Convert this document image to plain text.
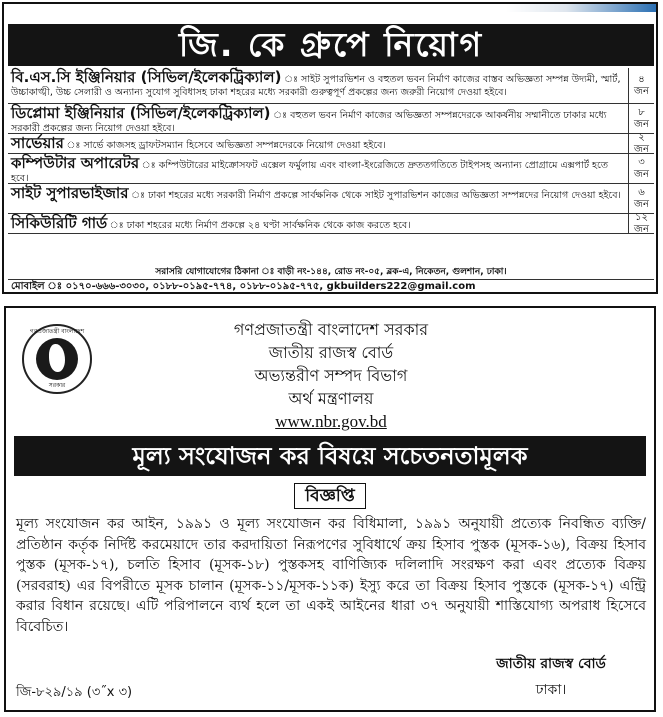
জি. কে গ্রুপে নিয়োগ
বি.এস.সি ইঞ্জিনিয়ার (সিভিল/ইলেকট্রিক্যাল) ঃ সাইট সুপারভিশন ও বহুতল ভবন নির্মাণ কাজের বাস্তব অভিজ্ঞতা সম্পন্ন উদ্যমী, স্মার্ট, উচ্চাকাঙ্খী, উচ্চ সেলারী ও অন্যান্য সুযোগ সুবিধাসহ ঢাকা শহরের মধ্যে সরকারী গুরুত্বপূর্ণ প্রকল্পের জন্য জরুরী নিয়োগ দেওয়া হইবে।
৪
জন
ডিপ্লোমা ইঞ্জিনিয়ার (সিভিল/ইলেকট্রিক্যাল) ঃ বহুতল ভবন নির্মাণ কাজের অভিজ্ঞতা সম্পন্নদেরকে আকর্ষনীয় সম্মানীতে ঢাকার মধ্যে সরকারী প্রকল্পের জন্য নিয়োগ দেওয়া হইবে।
৮
জন
সার্ভেয়ার ঃ সার্ভে কাজসহ ড্রাফটসম্যান হিসেবে অভিজ্ঞতা সম্পন্নদেরকে নিয়োগ দেওয়া হইবে।
২
জন
কম্পিউটার অপারেটর ঃ কম্পিউটারের মাইক্রোসফট এক্সেল ফর্মুলায় এবং বাংলা-ইংরেজিতে দ্রুততগতিতে টাইপসহ অন্যান্য প্রোগ্রামে এক্সপার্ট হতে হবে।
৩
জন
সাইট সুপারভাইজার ঃ ঢাকা শহরের মধ্যে সরকারী নির্মাণ প্রকল্পে সার্বক্ষনিক থেকে সাইট সুপারভিশন কাজের অভিজ্ঞতা সম্পন্নদের নিয়োগ দেওয়া হইবে।	৬
জন
সিকিউরিটি গার্ড ঃ ঢাকা শহরের মধ্যে নির্মাণ প্রকল্পে ২৪ ঘণ্টা সার্বক্ষনিক থেকে কাজ করতে হবে।
১২
জন
সরাসরি যোগাযোগের ঠিকানা ঃ বাড়ী নং-১৪৪, রোড নং-০৫, ব্লক-এ, নিকেতন, গুলশান, ঢাকা।
মোবাইল ঃ ০১৭০-৬৬৬-৩০৩০, ০১৮৮-০১৯৫-৭৭৪, ০১৮৮-০১৯৫-৭৭৫, gkbuilders222@gmail.com
গণপ্রজাতন্ত্রী বাংলাদেশ
সরকার
গণপ্রজাতন্ত্রী বাংলাদেশ সরকার
জাতীয় রাজস্ব বোর্ড
অভ্যন্তরীণ সম্পদ বিভাগ
অর্থ মন্ত্রণালয়
www.nbr.gov.bd
মূল্য সংযোজন কর বিষয়ে সচেতনতামূলক
বিজ্ঞপ্তি
মূল্য সংযোজন কর আইন, ১৯৯১ ও মূল্য সংযোজন কর বিধিমালা, ১৯৯১ অনুযায়ী প্রত্যেক নিবন্ধিত ব্যক্তি/প্রতিষ্ঠান কর্তৃক নির্দিষ্ট করমেয়াদে তার করদায়িতা নিরূপণের সুবিধার্থে ক্রয় হিসাব পুস্তক (মূসক-১৬), বিক্রয় হিসাব পুস্তক (মূসক-১৭), চলতি হিসাব (মূসক-১৮) পুস্তকসহ বাণিজ্যিক দলিলাদি সংরক্ষণ করা এবং প্রত্যেক বিক্রয় (সরবরাহ) এর বিপরীতে মূসক চালান (মূসক-১১/মূসক-১১ক) ইস্যু করে তা বিক্রয় হিসাব পুস্তকে (মূসক-১৭) এন্ট্রি করার বিধান রয়েছে। এটি পরিপালনে ব্যর্থ হলে তা একই আইনের ধারা ৩৭ অনুযায়ী শাস্তিযোগ্য অপরাধ হিসেবে বিবেচিত।
জাতীয় রাজস্ব বোর্ড
ঢাকা।
জি-৮২৯/১৯ (৩˝x ৩)
